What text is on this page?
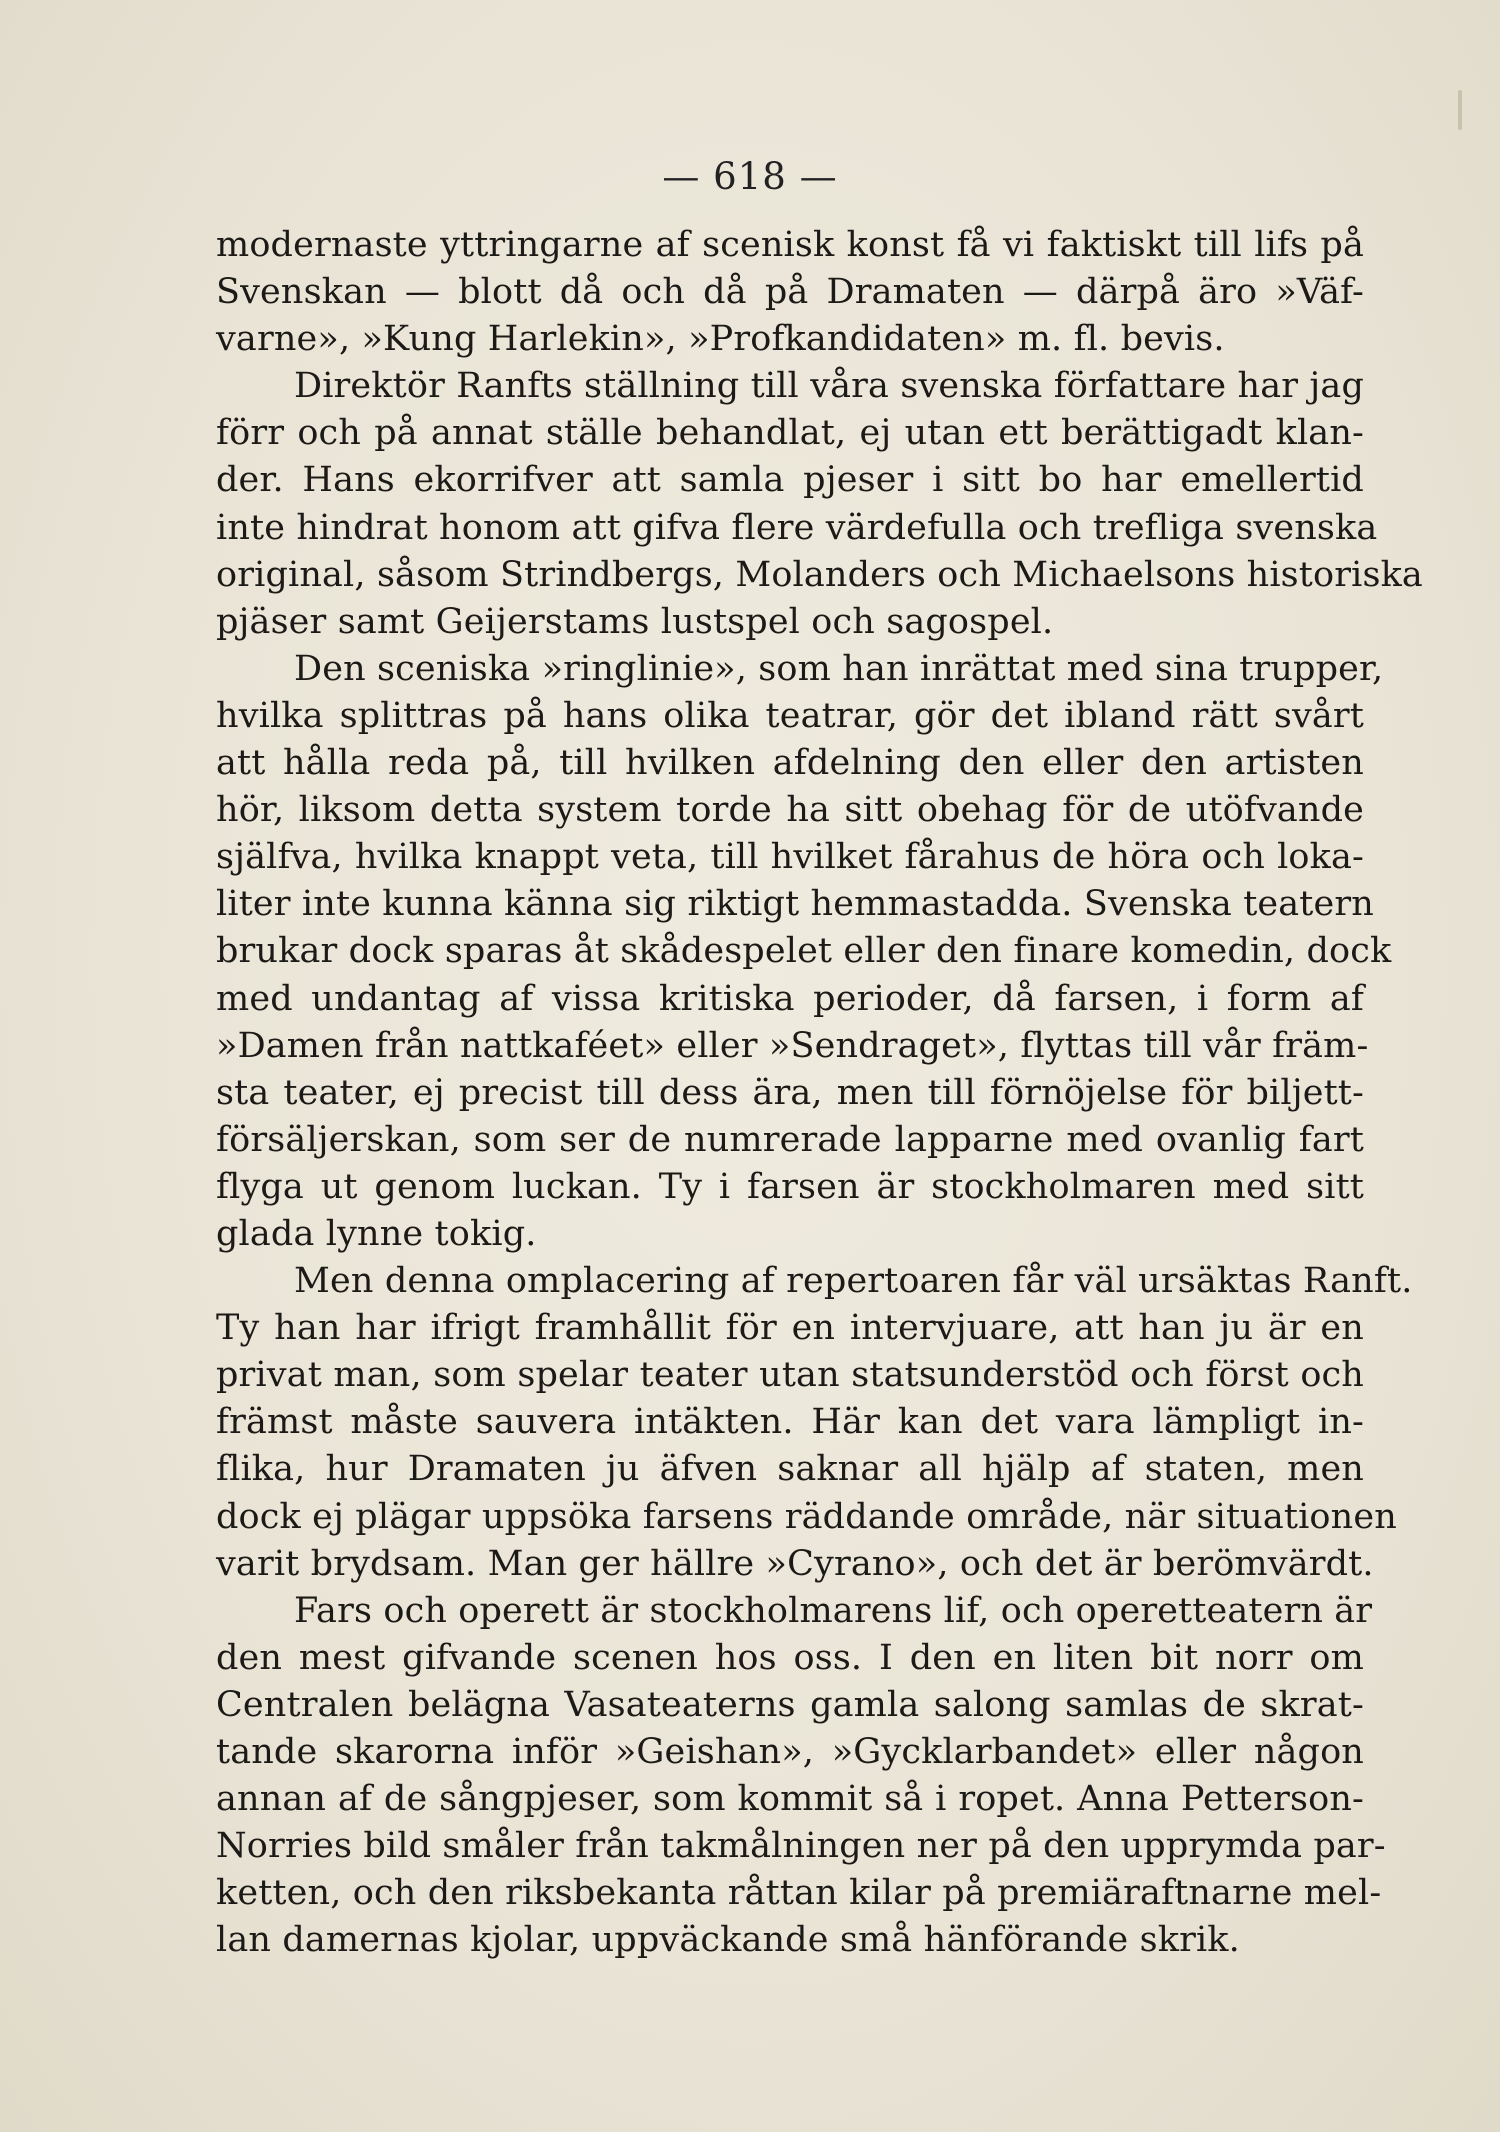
— 618 —
modernaste yttringarne af scenisk konst få vi faktiskt till lifs på
Svenskan — blott då och då på Dramaten — därpå äro »Väf-
varne», »Kung Harlekin», »Profkandidaten» m. fl. bevis.
Direktör Ranfts ställning till våra svenska författare har jag
förr och på annat ställe behandlat, ej utan ett berättigadt klan-
der. Hans ekorrifver att samla pjeser i sitt bo har emellertid
inte hindrat honom att gifva flere värdefulla och trefliga svenska
original, såsom Strindbergs, Molanders och Michaelsons historiska
pjäser samt Geijerstams lustspel och sagospel.
Den sceniska »ringlinie», som han inrättat med sina trupper,
hvilka splittras på hans olika teatrar, gör det ibland rätt svårt
att hålla reda på, till hvilken afdelning den eller den artisten
hör, liksom detta system torde ha sitt obehag för de utöfvande
själfva, hvilka knappt veta, till hvilket fårahus de höra och loka-
liter inte kunna känna sig riktigt hemmastadda. Svenska teatern
brukar dock sparas åt skådespelet eller den finare komedin, dock
med undantag af vissa kritiska perioder, då farsen, i form af
»Damen från nattkaféet» eller »Sendraget», flyttas till vår främ-
sta teater, ej precist till dess ära, men till förnöjelse för biljett-
försäljerskan, som ser de numrerade lapparne med ovanlig fart
flyga ut genom luckan. Ty i farsen är stockholmaren med sitt
glada lynne tokig.
Men denna omplacering af repertoaren får väl ursäktas Ranft.
Ty han har ifrigt framhållit för en intervjuare, att han ju är en
privat man, som spelar teater utan statsunderstöd och först och
främst måste sauvera intäkten. Här kan det vara lämpligt in-
flika, hur Dramaten ju äfven saknar all hjälp af staten, men
dock ej plägar uppsöka farsens räddande område, när situationen
varit brydsam. Man ger hällre »Cyrano», och det är berömvärdt.
Fars och operett är stockholmarens lif, och operetteatern är
den mest gifvande scenen hos oss. I den en liten bit norr om
Centralen belägna Vasateaterns gamla salong samlas de skrat-
tande skarorna inför »Geishan», »Gycklarbandet» eller någon
annan af de sångpjeser, som kommit så i ropet. Anna Petterson-
Norries bild småler från takmålningen ner på den upprymda par-
ketten, och den riksbekanta råttan kilar på premiäraftnarne mel-
lan damernas kjolar, uppväckande små hänförande skrik.
